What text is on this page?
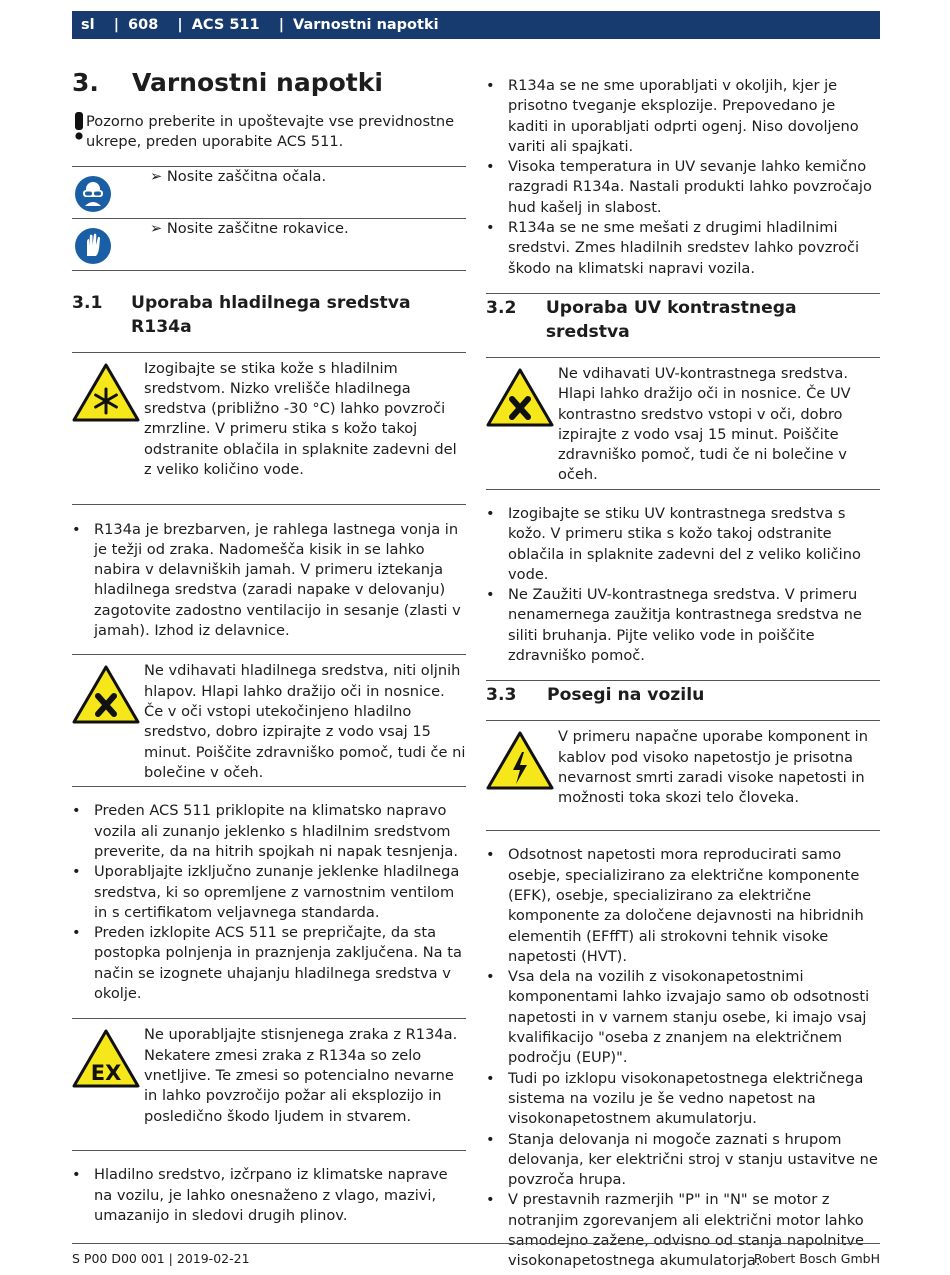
sl  | 608  | ACS 511  | Varnostni napotki
3.	Varnostni napotki
Pozorno preberite in upoštevajte vse previdnostne ukrepe, preden uporabite ACS 511.
➢ Nosite zaščitna očala.
➢ Nosite zaščitne rokavice.
3.1	Uporaba hladilnega sredstva R134a
Izogibajte se stika kože s hladilnim sredstvom. Nizko vrelišče hladilnega sredstva (približno -30 °C) lahko povzroči zmrzline. V primeru stika s kožo takoj odstranite oblačila in splaknite zadevni del z veliko količino vode.
• R134a je brezbarven, je rahlega lastnega vonja in je težji od zraka. Nadomešča kisik in se lahko nabira v delavniških jamah. V primeru iztekanja hladilnega sredstva (zaradi napake v delovanju) zagotovite zadostno ventilacijo in sesanje (zlasti v jamah). Izhod iz delavnice.
Ne vdihavati hladilnega sredstva, niti oljnih hlapov. Hlapi lahko dražijo oči in nosnice. Če v oči vstopi utekočinjeno hladilno sredstvo, dobro izpirajte z vodo vsaj 15 minut. Poiščite zdravniško pomoč, tudi če ni bolečine v očeh.
• Preden ACS 511 priklopite na klimatsko napravo vozila ali zunanjo jeklenko s hladilnim sredstvom preverite, da na hitrih spojkah ni napak tesnjenja.
• Uporabljajte izključno zunanje jeklenke hladilnega sredstva, ki so opremljene z varnostnim ventilom in s certifikatom veljavnega standarda.
• Preden izklopite ACS 511 se prepričajte, da sta postopka polnjenja in praznjenja zaključena. Na ta način se izognete uhajanju hladilnega sredstva v okolje.
EX
Ne uporabljajte stisnjenega zraka z R134a. Nekatere zmesi zraka z R134a so zelo vnetljive. Te zmesi so potencialno nevarne in lahko povzročijo požar ali eksplozijo in posledično škodo ljudem in stvarem.
• Hladilno sredstvo, izčrpano iz klimatske naprave na vozilu, je lahko onesnaženo z vlago, mazivi, umazanijo in sledovi drugih plinov.
• R134a se ne sme uporabljati v okoljih, kjer je prisotno tveganje eksplozije. Prepovedano je kaditi in uporabljati odprti ogenj. Niso dovoljeno variti ali spajkati.
• Visoka temperatura in UV sevanje lahko kemično razgradi R134a. Nastali produkti lahko povzročajo hud kašelj in slabost.
• R134a se ne sme mešati z drugimi hladilnimi sredstvi. Zmes hladilnih sredstev lahko povzroči škodo na klimatski napravi vozila.
3.2	Uporaba UV kontrastnega sredstva
Ne vdihavati UV-kontrastnega sredstva. Hlapi lahko dražijo oči in nosnice. Če UV kontrastno sredstvo vstopi v oči, dobro izpirajte z vodo vsaj 15 minut. Poiščite zdravniško pomoč, tudi če ni bolečine v očeh.
• Izogibajte se stiku UV kontrastnega sredstva s kožo. V primeru stika s kožo takoj odstranite oblačila in splaknite zadevni del z veliko količino vode.
• Ne Zaužiti UV-kontrastnega sredstva. V primeru nenamernega zaužitja kontrastnega sredstva ne siliti bruhanja. Pijte veliko vode in poiščite zdravniško pomoč.
3.3	Posegi na vozilu
V primeru napačne uporabe komponent in kablov pod visoko napetostjo je prisotna nevarnost smrti zaradi visoke napetosti in možnosti toka skozi telo človeka.
• Odsotnost napetosti mora reproducirati samo osebje, specializirano za električne komponente (EFK), osebje, specializirano za električne komponente za določene dejavnosti na hibridnih elementih (EFffT) ali strokovni tehnik visoke napetosti (HVT).
• Vsa dela na vozilih z visokonapetostnimi komponentami lahko izvajajo samo ob odsotnosti napetosti in v varnem stanju osebe, ki imajo vsaj kvalifikacijo "oseba z znanjem na električnem področju (EUP)".
• Tudi po izklopu visokonapetostnega električnega sistema na vozilu je še vedno napetost na visokonapetostnem akumulatorju.
• Stanja delovanja ni mogoče zaznati s hrupom delovanja, ker električni stroj v stanju ustavitve ne povzroča hrupa.
• V prestavnih razmerjih "P" in "N" se motor z notranjim zgorevanjem ali električni motor lahko samodejno zažene, odvisno od stanja napolnitve visokonapetostnega akumulatorja.
S P00 D00 001 | 2019-02-21	Robert Bosch GmbH
